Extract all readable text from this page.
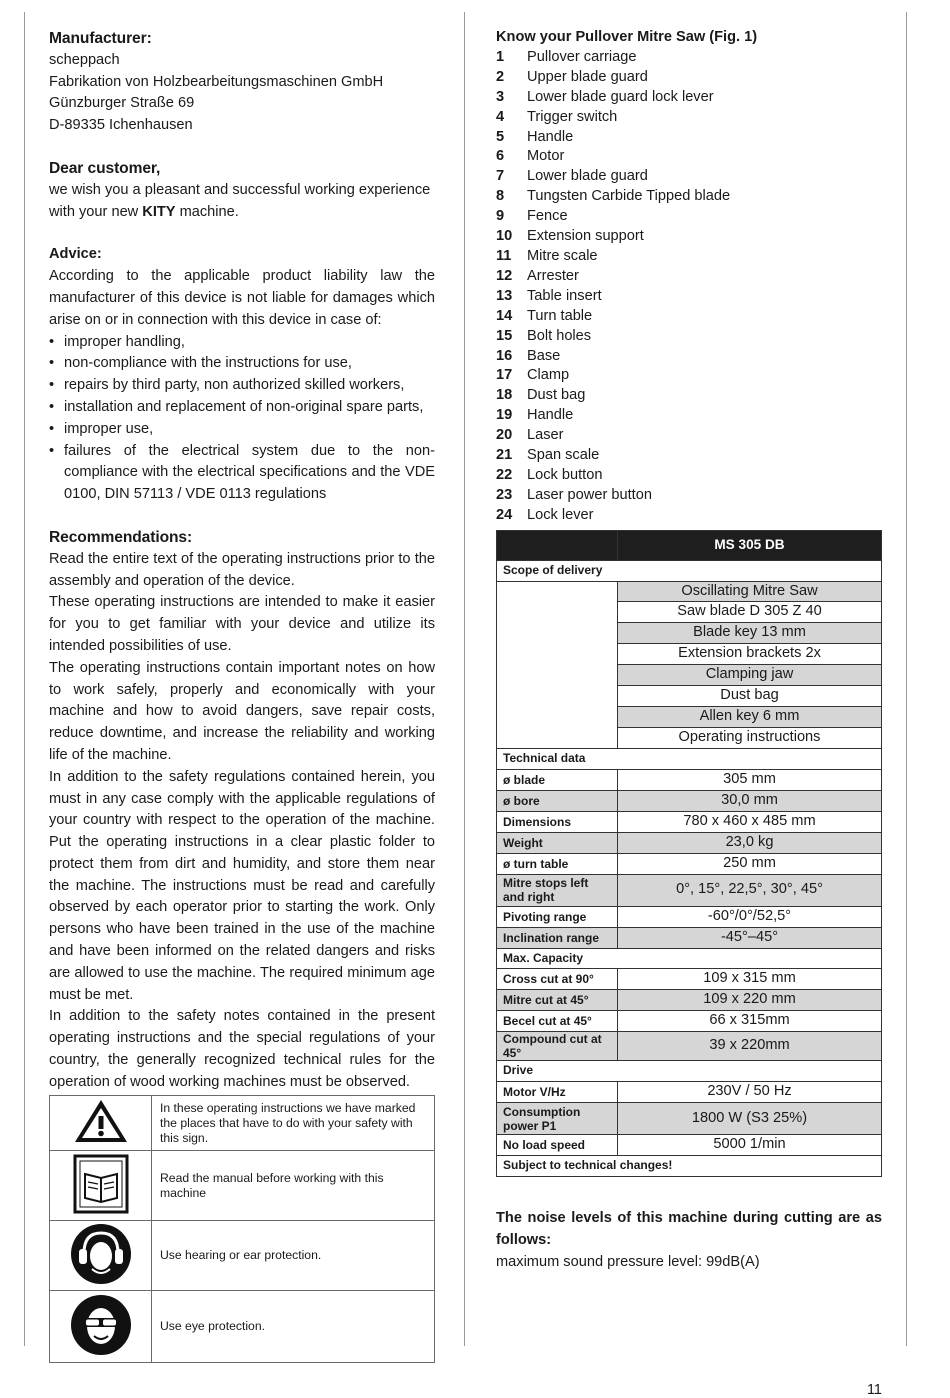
Manufacturer:
scheppach
Fabrikation von Holzbearbeitungsmaschinen GmbH
Günzburger Straße 69
D-89335 Ichenhausen
Dear customer,

we wish you a pleasant and successful working experience with your new KITY machine.

Advice:

According to the applicable product liability law the manufacturer of this device is not liable for damages which arise on or in connection with this device in case of:

• improper handling,
• non-compliance with the instructions for use,
• repairs by third party, non authorized skilled workers,
• installation and replacement of non-original spare parts,
• improper use,
• failures of the electrical system due to the non-compliance with the electrical specifications and the VDE 0100, DIN 57113 / VDE 0113 regulations
Recommendations:

Read the entire text of the operating instructions prior to the assembly and operation of the device.

These operating instructions are intended to make it easier for you to get familiar with your device and utilize its intended possibilities of use.

The operating instructions contain important notes on how to work safely, properly and economically with your machine and how to avoid dangers, save repair costs, reduce downtime, and increase the reliability and working life of the machine.

In addition to the safety regulations contained herein, you must in any case comply with the applicable regulations of your country with respect to the operation of the machine. Put the operating instructions in a clear plastic folder to protect them from dirt and humidity, and store them near the machine. The instructions must be read and carefully observed by each operator prior to starting the work. Only persons who have been trained in the use of the machine and have been informed on the related dangers and risks are allowed to use the machine. The required minimum age must be met.

In addition to the safety notes contained in the present operating instructions and the special regulations of your country, the generally recognized technical rules for the operation of wood working machines must be observed.

	In these operating instructions we have marked the places that have to do with your safety with this sign.
	Read the manual before working with this machine
	Use hearing or ear protection.
	Use eye protection.
Know your Pullover Mitre Saw (Fig. 1)
1	Pullover carriage
2	Upper blade guard
3	Lower blade guard lock lever
4	Trigger switch
5	Handle
6	Motor
7	Lower blade guard
8	Tungsten Carbide Tipped blade
9	Fence
10	Extension support
11	Mitre scale
12	Arrester
13	Table insert
14	Turn table
15	Bolt holes
16	Base
17	Clamp
18	Dust bag
19	Handle
20	Laser
21	Span scale
22	Lock button
23	Laser power button
24	Lock lever
	MS 305 DB
Scope of delivery	
	Oscillating Mitre Saw
	Saw blade D 305 Z 40
	Blade key 13 mm
	Extension brackets 2x
	Clamping jaw
	Dust bag
	Allen key 6 mm
	Operating instructions
Technical data	
ø blade	305 mm
ø bore	30,0 mm
Dimensions	780 x 460 x 485 mm
Weight	23,0 kg
ø turn table	250 mm
Mitre stops left and right	0°, 15°, 22,5°, 30°, 45°
Pivoting range	-60°/0°/52,5°
Inclination range	-45°–45°
Max. Capacity	
Cross cut at 90°	109 x 315 mm
Mitre cut at 45°	109 x 220 mm
Becel cut at 45°	66 x 315mm
Compound cut at 45°	39 x 220mm
Drive	
Motor V/Hz	230V / 50 Hz
Consumption power P1	1800 W (S3 25%)
No load speed	5000 1/min
Subject to technical changes!	
The noise levels of this machine during cutting are as follows:
maximum sound pressure level: 99dB(A)
11
